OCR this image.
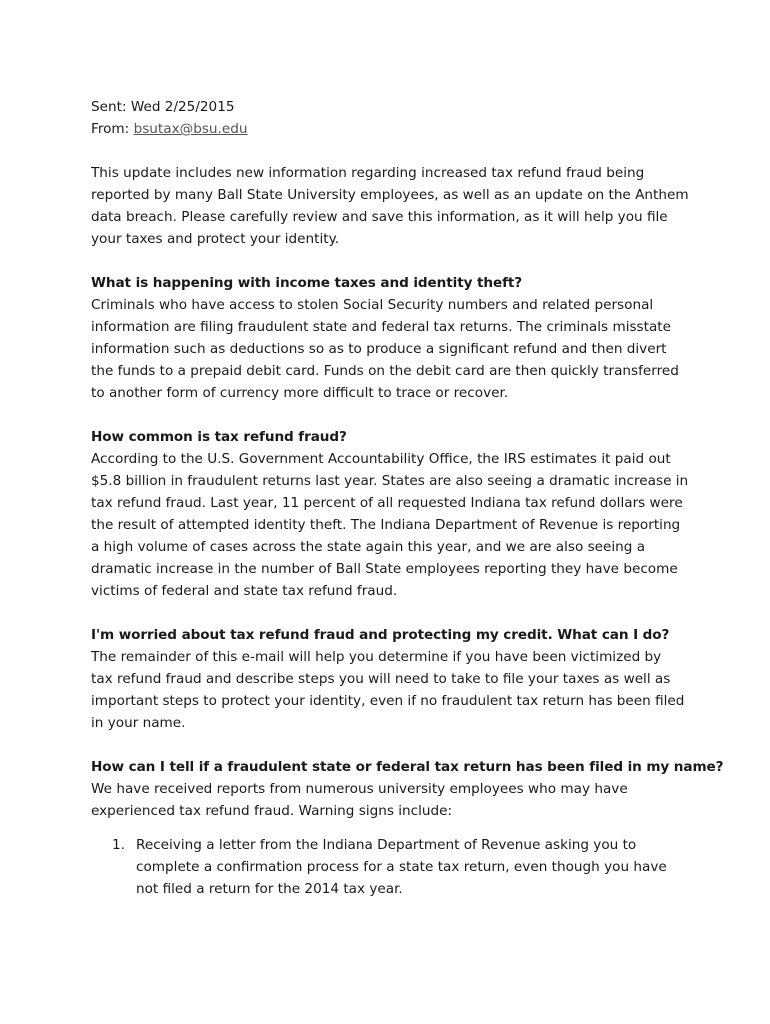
Sent: Wed 2/25/2015
From: bsutax@bsu.edu
This update includes new information regarding increased tax refund fraud being
reported by many Ball State University employees, as well as an update on the Anthem
data breach. Please carefully review and save this information, as it will help you file
your taxes and protect your identity.
What is happening with income taxes and identity theft?
Criminals who have access to stolen Social Security numbers and related personal
information are filing fraudulent state and federal tax returns. The criminals misstate
information such as deductions so as to produce a significant refund and then divert
the funds to a prepaid debit card. Funds on the debit card are then quickly transferred
to another form of currency more difficult to trace or recover.
How common is tax refund fraud?
According to the U.S. Government Accountability Office, the IRS estimates it paid out
$5.8 billion in fraudulent returns last year. States are also seeing a dramatic increase in
tax refund fraud. Last year, 11 percent of all requested Indiana tax refund dollars were
the result of attempted identity theft. The Indiana Department of Revenue is reporting
a high volume of cases across the state again this year, and we are also seeing a
dramatic increase in the number of Ball State employees reporting they have become
victims of federal and state tax refund fraud.
I'm worried about tax refund fraud and protecting my credit. What can I do?
The remainder of this e-mail will help you determine if you have been victimized by
tax refund fraud and describe steps you will need to take to file your taxes as well as
important steps to protect your identity, even if no fraudulent tax return has been filed
in your name.
How can I tell if a fraudulent state or federal tax return has been filed in my name?
We have received reports from numerous university employees who may have
experienced tax refund fraud. Warning signs include:
1. Receiving a letter from the Indiana Department of Revenue asking you to
complete a confirmation process for a state tax return, even though you have
not filed a return for the 2014 tax year.
